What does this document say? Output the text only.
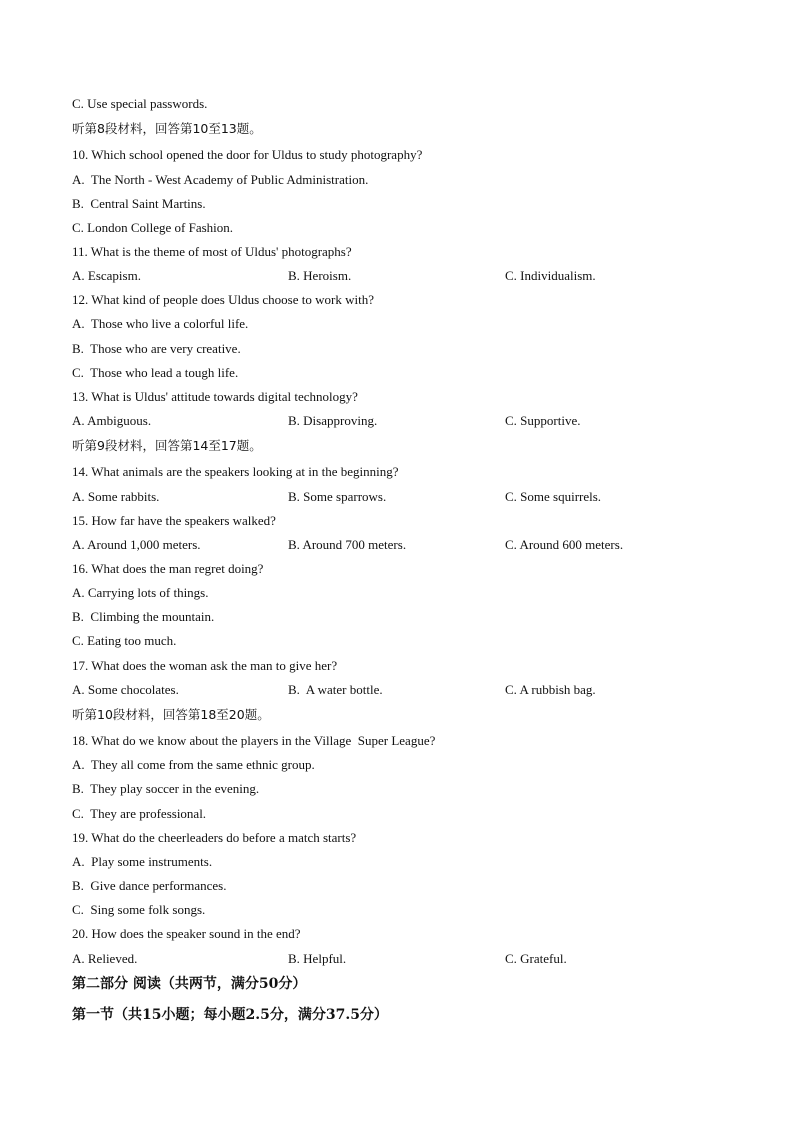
C. Use special passwords.
听第8段材料，回答第10至13题。
10. Which school opened the door for Uldus to study photography?
A.  The North - West Academy of Public Administration.
B.  Central Saint Martins.
C. London College of Fashion.
11. What is the theme of most of Uldus' photographs?
A. Escapism.	B. Heroism.	C. Individualism.
12. What kind of people does Uldus choose to work with?
A.  Those who live a colorful life.
B.  Those who are very creative.
C.  Those who lead a tough life.
13. What is Uldus' attitude towards digital technology?
A. Ambiguous.	B. Disapproving.	C. Supportive.
听第9段材料，回答第14至17题。
14. What animals are the speakers looking at in the beginning?
A. Some rabbits.	B. Some sparrows.	C. Some squirrels.
15. How far have the speakers walked?
A. Around 1,000 meters.	B. Around 700 meters.	C. Around 600 meters.
16. What does the man regret doing?
A. Carrying lots of things.
B.  Climbing the mountain.
C. Eating too much.
17. What does the woman ask the man to give her?
A. Some chocolates.	B.  A water bottle.	C. A rubbish bag.
听第10段材料，回答第18至20题。
18. What do we know about the players in the Village  Super League?
A.  They all come from the same ethnic group.
B.  They play soccer in the evening.
C.  They are professional.
19. What do the cheerleaders do before a match starts?
A.  Play some instruments.
B.  Give dance performances.
C.  Sing some folk songs.
20. How does the speaker sound in the end?
A. Relieved.	B. Helpful.	C. Grateful.
第二部分 阅读（共两节，满分50分）
第一节（共15小题；每小题2.5分，满分37.5分）
